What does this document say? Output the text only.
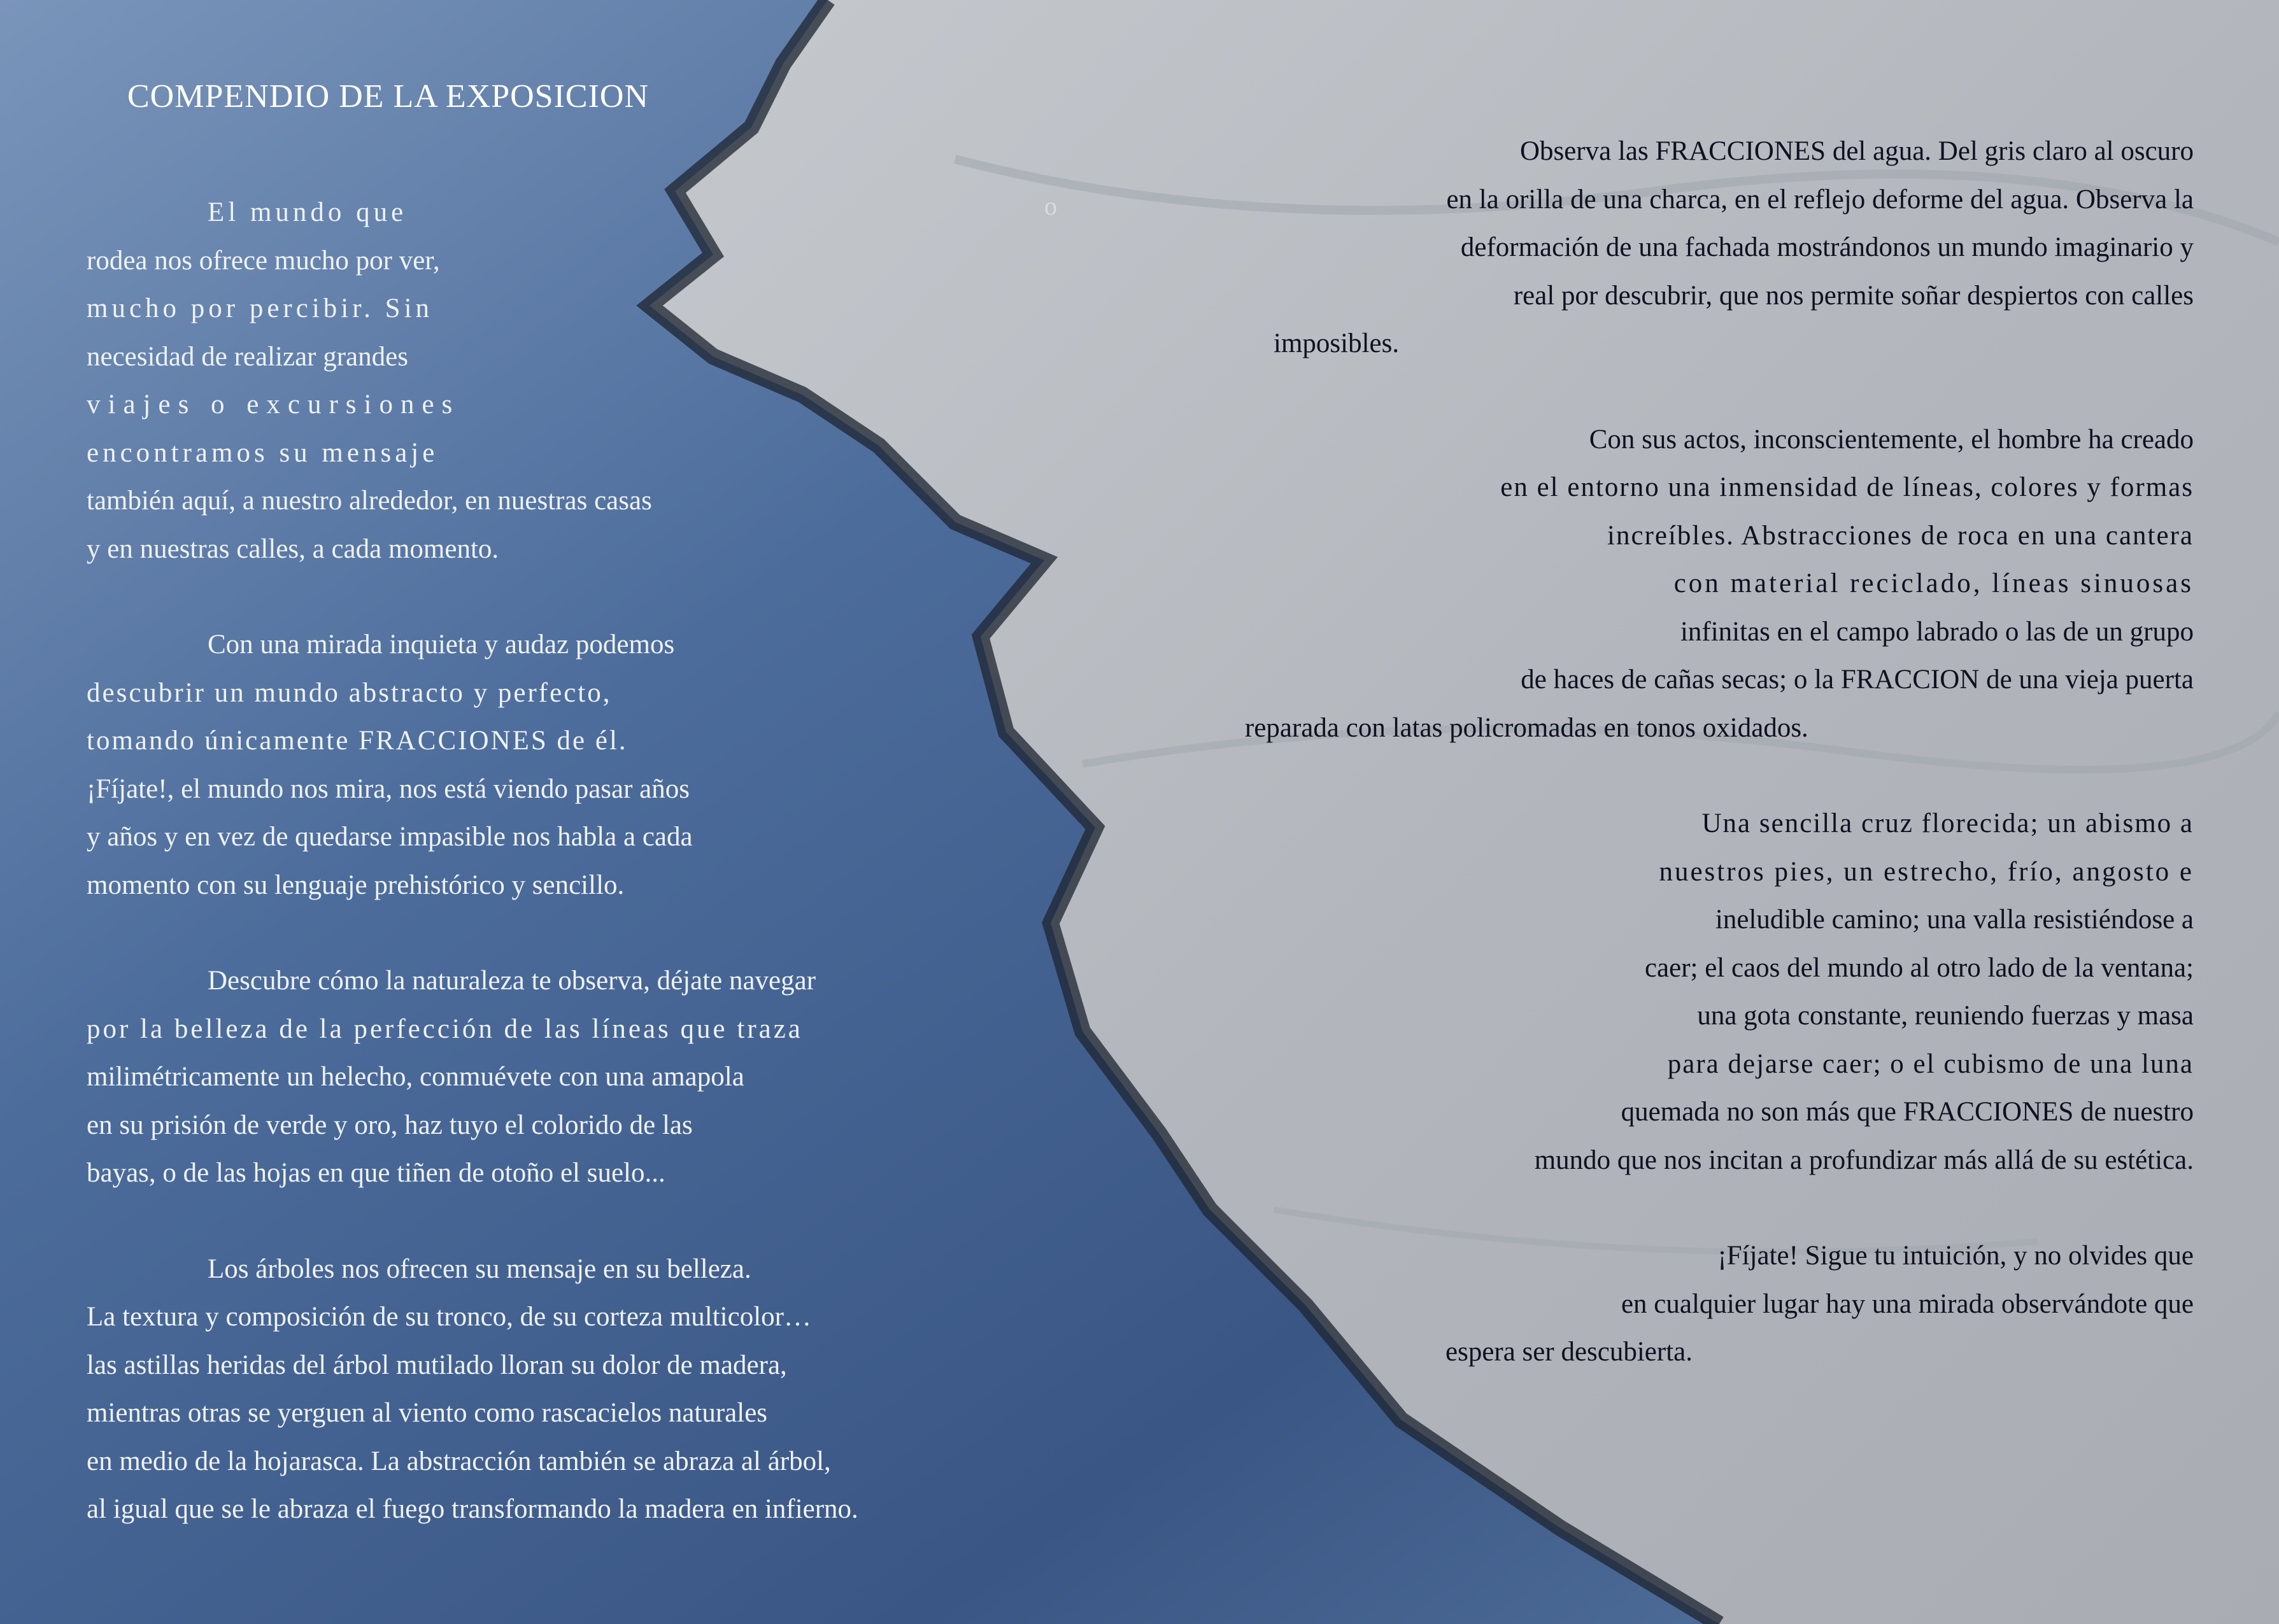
COMPENDIO DE LA EXPOSICION

El mundo que
rodea nos ofrece mucho por ver,
mucho por percibir. Sin
necesidad de realizar grandes
viajes o excursiones
encontramos su mensaje
también aquí, a nuestro alrededor, en nuestras casas
y en nuestras calles, a cada momento.

Con una mirada inquieta y audaz podemos
descubrir un mundo abstracto y perfecto,
tomando únicamente FRACCIONES de él.
¡Fíjate!, el mundo nos mira, nos está viendo pasar años
y años y en vez de quedarse impasible nos habla a cada
momento con su lenguaje prehistórico y sencillo.

Descubre cómo la naturaleza te observa, déjate navegar
por la belleza de la perfección de las líneas que traza
milimétricamente un helecho, conmuévete con una amapola
en su prisión de verde y oro, haz tuyo el colorido de las
bayas, o de las hojas en que tiñen de otoño el suelo...

Los árboles nos ofrecen su mensaje en su belleza.
La textura y composición de su tronco, de su corteza multicolor…
las astillas heridas del árbol mutilado lloran su dolor de madera,
mientras otras se yerguen al viento como rascacielos naturales
en medio de la hojarasca. La abstracción también se abraza al árbol,
al igual que se le abraza el fuego transformando la madera en infierno.

o

Observa las FRACCIONES del agua. Del gris claro al oscuro
en la orilla de una charca, en el reflejo deforme del agua. Observa la
deformación de una fachada mostrándonos un mundo imaginario y
real por descubrir, que nos permite soñar despiertos con calles
imposibles.

Con sus actos, inconscientemente, el hombre ha creado
en el entorno una inmensidad de líneas, colores y formas
increíbles. Abstracciones de roca en una cantera
con material reciclado, líneas sinuosas
infinitas en el campo labrado o las de un grupo
de haces de cañas secas; o la FRACCION de una vieja puerta
reparada con latas policromadas en tonos oxidados.

Una sencilla cruz florecida; un abismo a
nuestros pies, un estrecho, frío, angosto e
ineludible camino; una valla resistiéndose a
caer; el caos del mundo al otro lado de la ventana;
una gota constante, reuniendo fuerzas y masa
para dejarse caer; o el cubismo de una luna
quemada no son más que FRACCIONES de nuestro
mundo que nos incitan a profundizar más allá de su estética.

¡Fíjate! Sigue tu intuición, y no olvides que
en cualquier lugar hay una mirada observándote que
espera ser descubierta.
